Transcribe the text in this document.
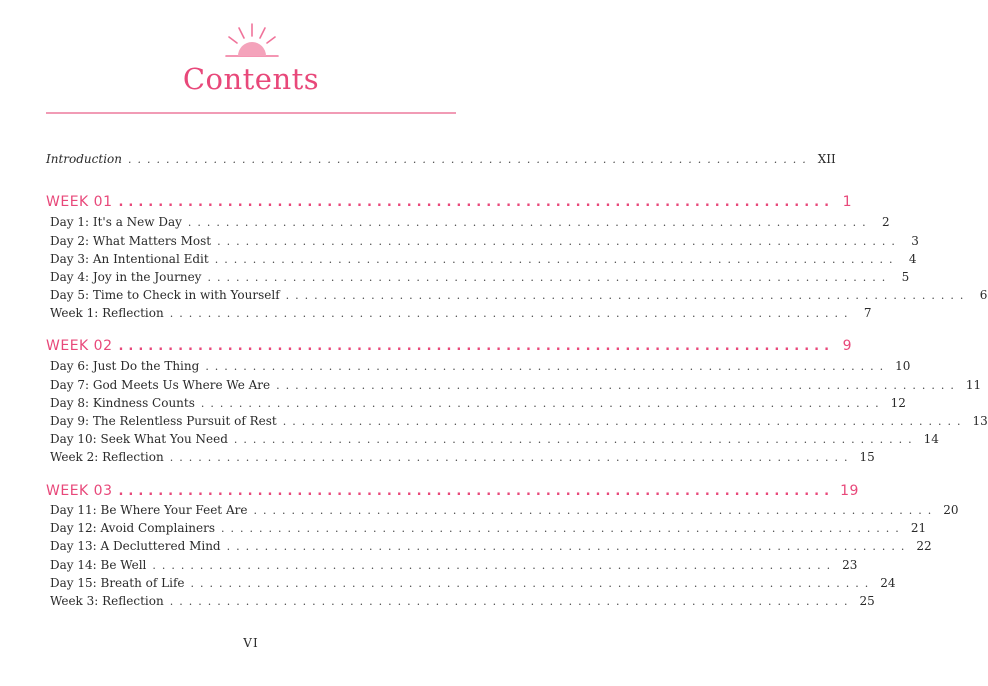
Contents
Introduction ........................................................................ XII
WEEK 01 ........................................................................ 1
Day 1: It's a New Day ........................................................................ 2
Day 2: What Matters Most ........................................................................ 3
Day 3: An Intentional Edit ........................................................................ 4
Day 4: Joy in the Journey ........................................................................ 5
Day 5: Time to Check in with Yourself ........................................................................ 6
Week 1: Reflection ........................................................................ 7
WEEK 02 ........................................................................ 9
Day 6: Just Do the Thing ........................................................................ 10
Day 7: God Meets Us Where We Are ........................................................................ 11
Day 8: Kindness Counts ........................................................................ 12
Day 9: The Relentless Pursuit of Rest ........................................................................ 13
Day 10: Seek What You Need ........................................................................ 14
Week 2: Reflection ........................................................................ 15
WEEK 03 ........................................................................ 19
Day 11: Be Where Your Feet Are ........................................................................ 20
Day 12: Avoid Complainers ........................................................................ 21
Day 13: A Decluttered Mind ........................................................................ 22
Day 14: Be Well ........................................................................ 23
Day 15: Breath of Life ........................................................................ 24
Week 3: Reflection ........................................................................ 25
VI
